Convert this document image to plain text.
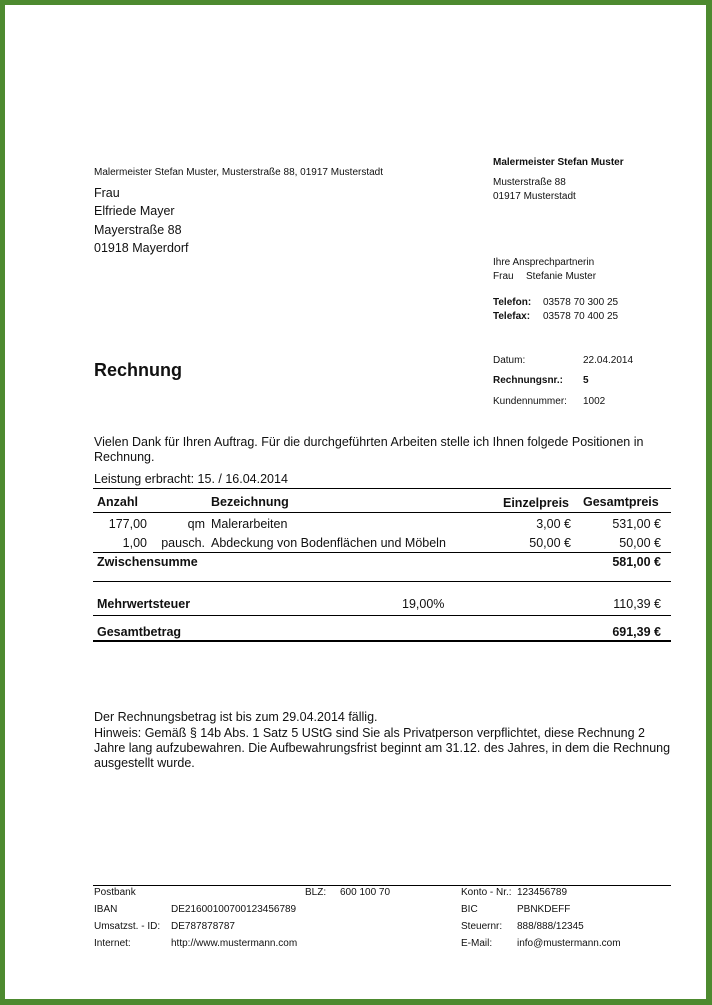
Malermeister Stefan Muster, Musterstraße 88, 01917 Musterstadt
Frau
Elfriede Mayer
Mayerstraße 88
01918 Mayerdorf
Malermeister Stefan Muster
Musterstraße 88
01917 Musterstadt
Ihre Ansprechpartnerin
Frau Stefanie Muster
Telefon: 03578 70 300 25
Telefax: 03578 70 400 25
Rechnung	Datum:	22.04.2014
Rechnungsnr.: 5
Kundennummer: 1002
Vielen Dank für Ihren Auftrag. Für die durchgeführten Arbeiten stelle ich Ihnen folgede Positionen in Rechnung.
Leistung erbracht: 15. / 16.04.2014
Anzahl	Bezeichnung	Einzelpreis Gesamtpreis
177,00	qm Malerarbeiten	3,00 €	531,00 €
1,00	pausch. Abdeckung von Bodenflächen und Möbeln	50,00 €	50,00 €
Zwischensumme	581,00 €
Mehrwertsteuer	19,00%	110,39 €
Gesamtbetrag	691,39 €
Der Rechnungsbetrag ist bis zum 29.04.2014 fällig.
Hinweis: Gemäß § 14b Abs. 1 Satz 5 UStG sind Sie als Privatperson verpflichtet, diese Rechnung 2 Jahre lang aufzubewahren. Die Aufbewahrungsfrist beginnt am 31.12. des Jahres, in dem die Rechnung ausgestellt wurde.
Postbank	BLZ: 600 100 70	Konto - Nr.: 123456789
IBAN	DE21600100700123456789	BIC	PBNKDEFF
Umsatzst. - ID: DE787878787	Steuernr: 888/888/12345
Internet:	http://www.mustermann.com	E-Mail: info@mustermann.com
